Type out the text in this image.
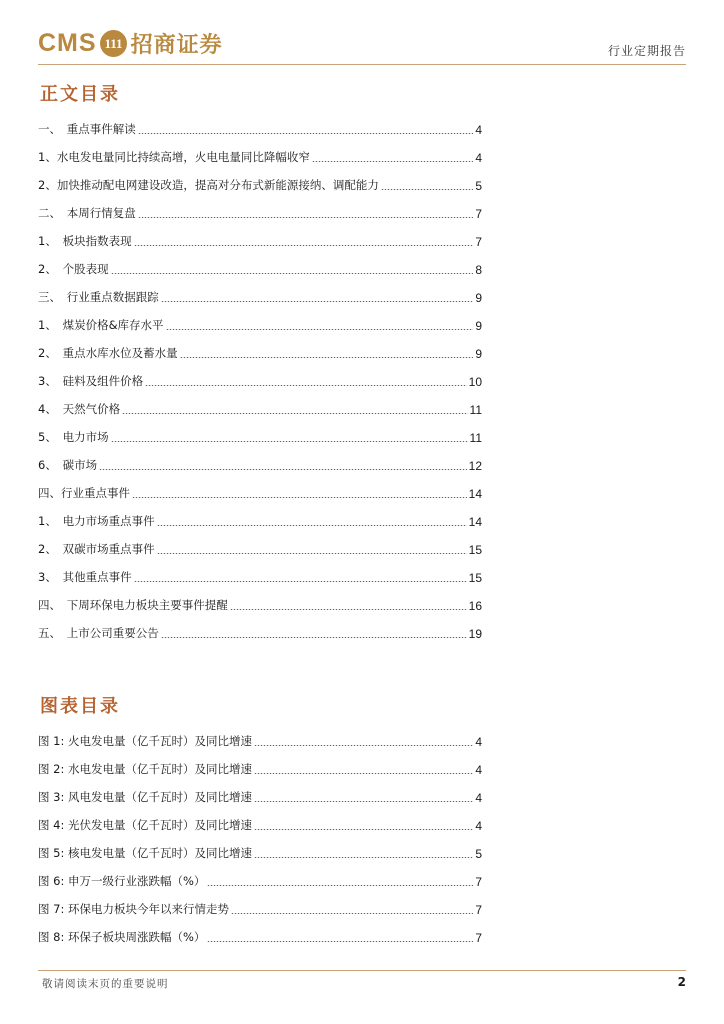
CMS 111 招商证券	行业定期报告
正文目录
一、　重点事件解读	4
1、水电发电量同比持续高增，火电电量同比降幅收窄	4
2、加快推动配电网建设改造，提高对分布式新能源接纳、调配能力	5
二、　本周行情复盘	7
1、　板块指数表现	7
2、　个股表现	8
三、　行业重点数据跟踪	9
1、　煤炭价格&库存水平	9
2、　重点水库水位及蓄水量	9
3、　硅料及组件价格	10
4、　天然气价格	11
5、　电力市场	11
6、　碳市场	12
四、行业重点事件	14
1、　电力市场重点事件	14
2、　双碳市场重点事件	15
3、　其他重点事件	15
四、　下周环保电力板块主要事件提醒	16
五、　上市公司重要公告	19
图表目录
图 1: 火电发电量（亿千瓦时）及同比增速	4
图 2: 水电发电量（亿千瓦时）及同比增速	4
图 3: 风电发电量（亿千瓦时）及同比增速	4
图 4: 光伏发电量（亿千瓦时）及同比增速	4
图 5: 核电发电量（亿千瓦时）及同比增速	5
图 6: 申万一级行业涨跌幅（%）	7
图 7: 环保电力板块今年以来行情走势	7
图 8: 环保子板块周涨跌幅（%）	7
敬请阅读末页的重要说明	2
